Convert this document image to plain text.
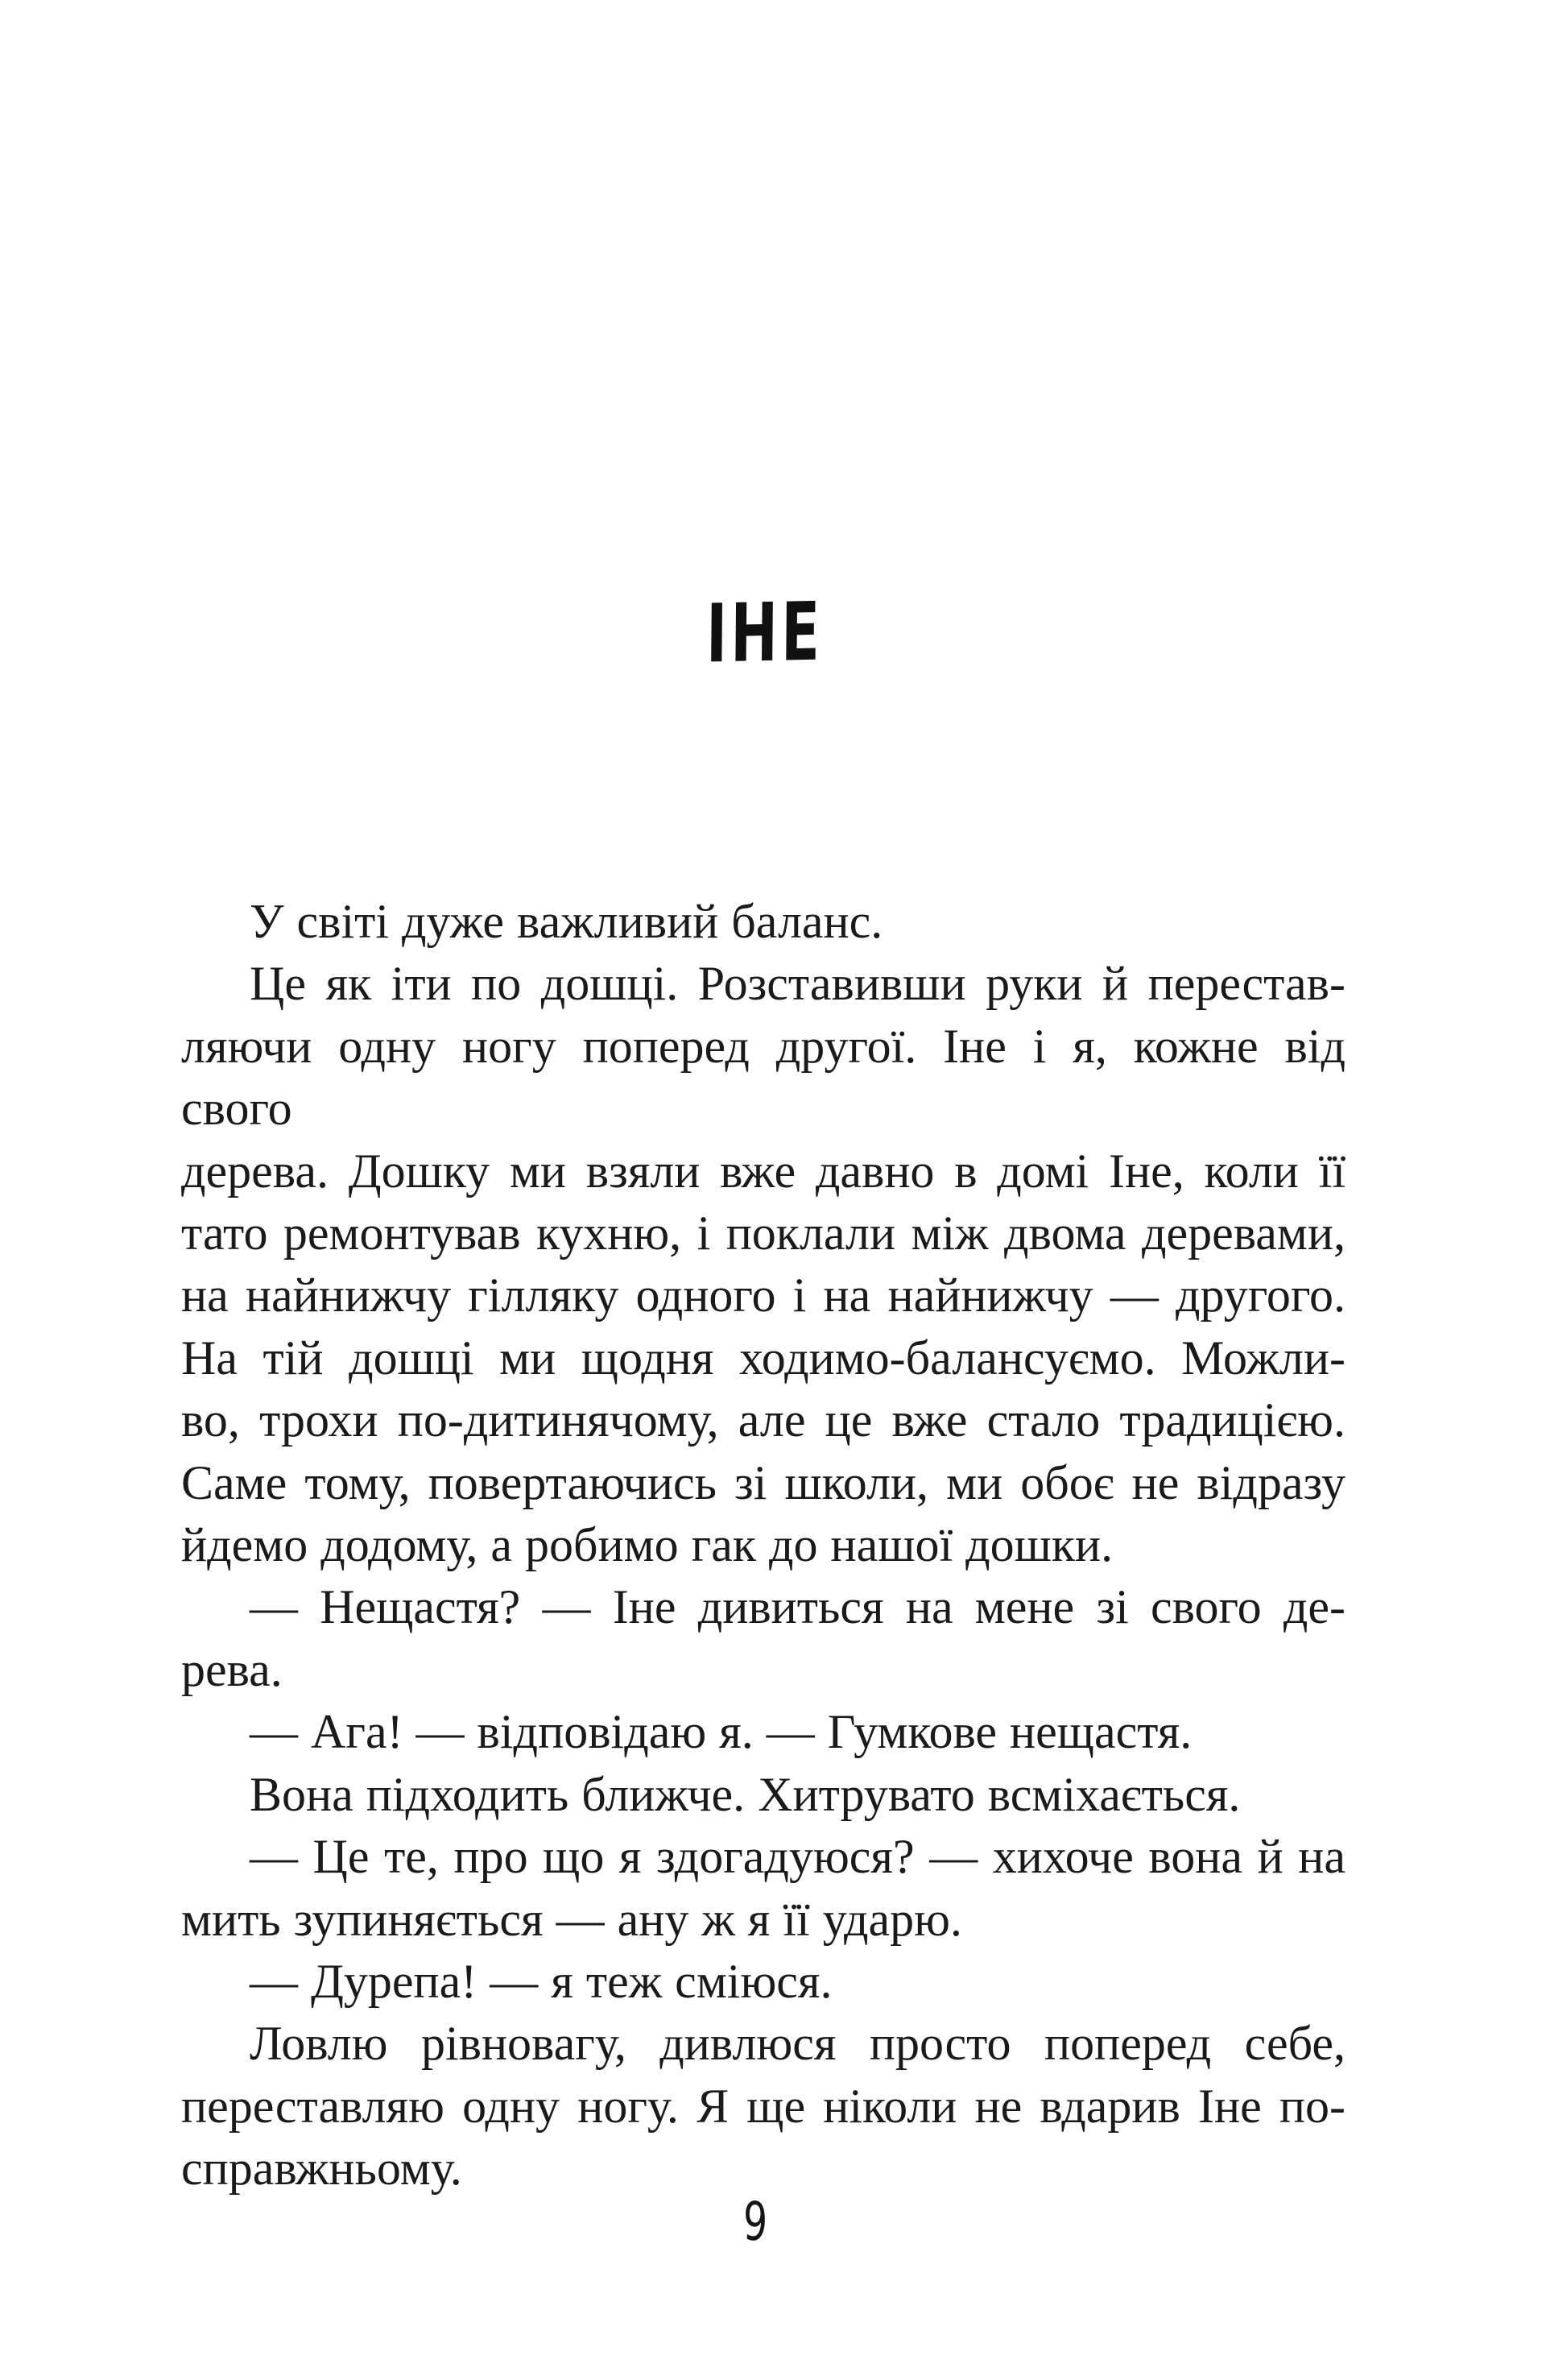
ІНЕ
У світі дуже важливий баланс.
Це як іти по дошці. Розставивши руки й перестав-
ляючи одну ногу поперед другої. Іне і я, кожне від свого
дерева. Дошку ми взяли вже давно в домі Іне, коли її
тато ремонтував кухню, і поклали між двома деревами,
на найнижчу гілляку одного і на найнижчу — другого.
На тій дошці ми щодня ходимо-балансуємо. Можли-
во, трохи по-дитинячому, але це вже стало традицією.
Саме тому, повертаючись зі школи, ми обоє не відразу
йдемо додому, а робимо гак до нашої дошки.
— Нещастя? — Іне дивиться на мене зі свого де-
рева.
— Ага! — відповідаю я. — Гумкове нещастя.
Вона підходить ближче. Хитрувато всміхається.
— Це те, про що я здогадуюся? — хихоче вона й на
мить зупиняється — ану ж я її ударю.
— Дурепа! — я теж сміюся.
Ловлю рівновагу, дивлюся просто поперед себе,
переставляю одну ногу. Я ще ніколи не вдарив Іне по-
справжньому.
9
